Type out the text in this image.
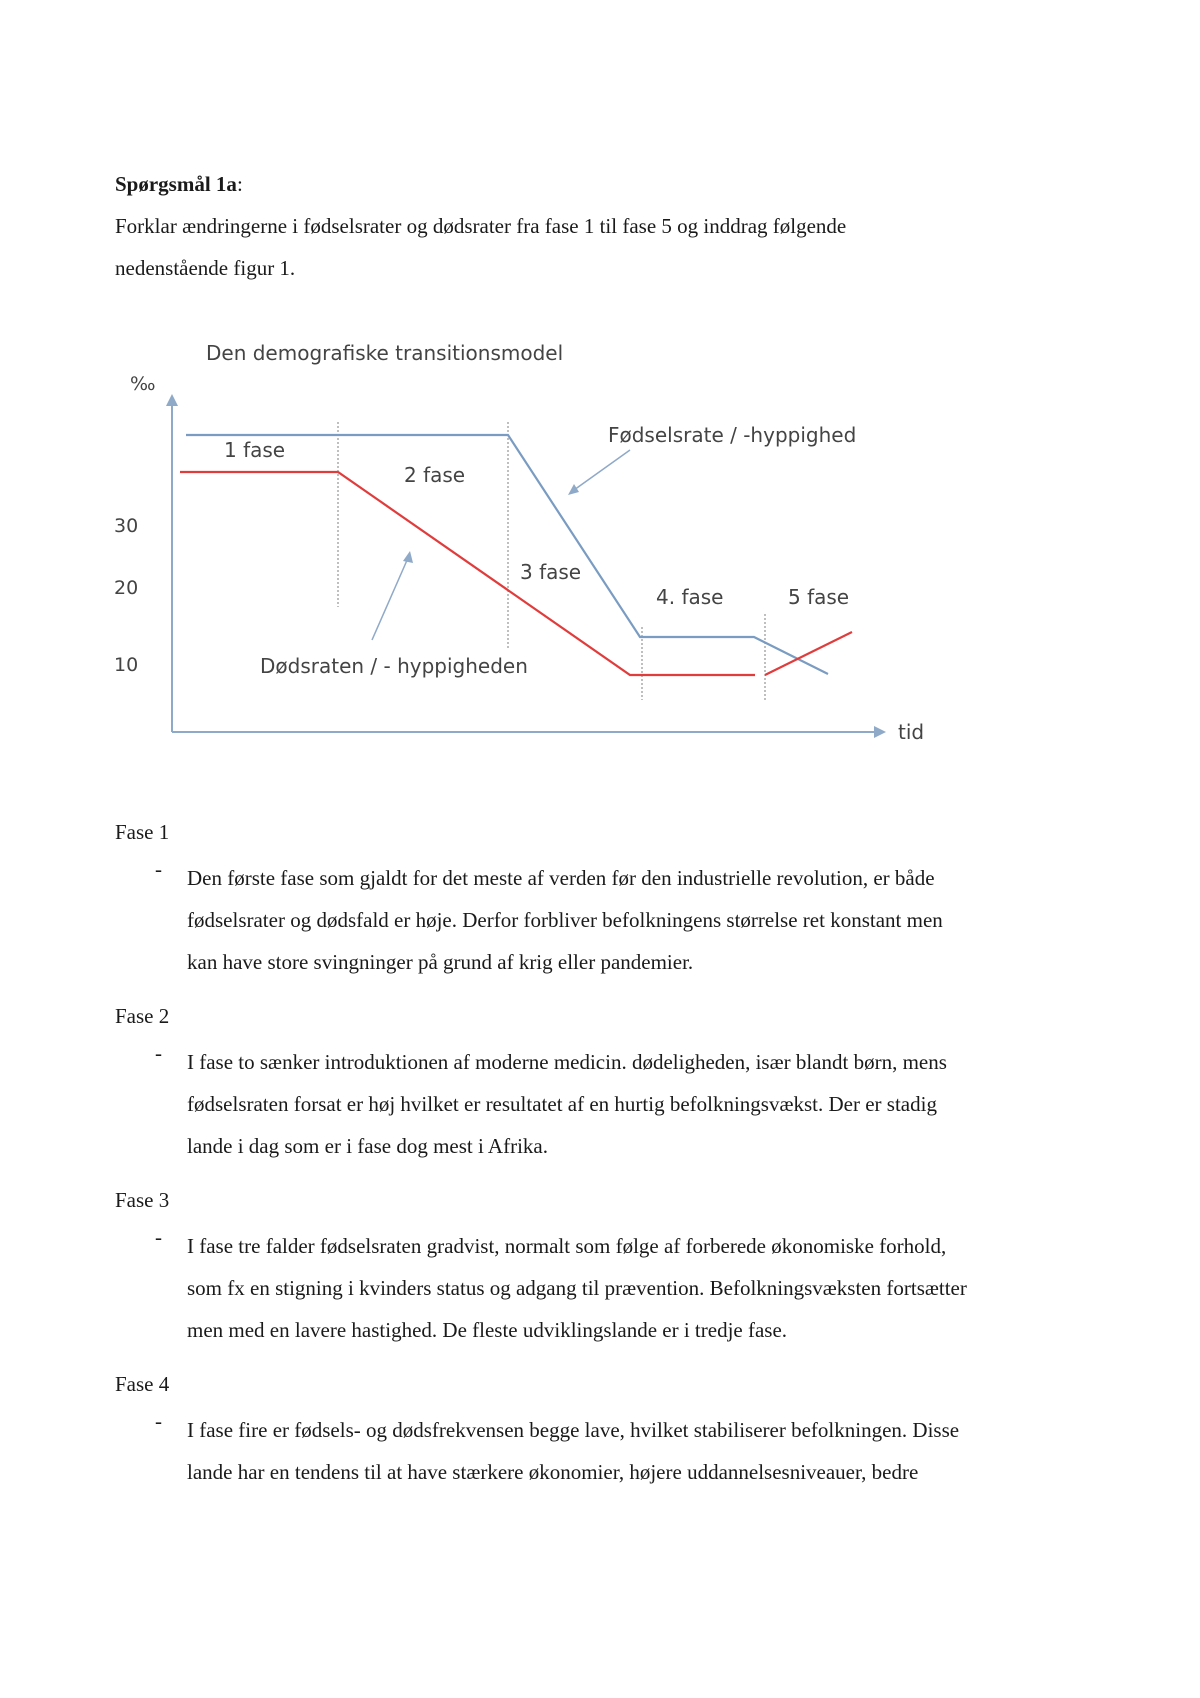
Spørgsmål 1a:
Forklar ændringerne i fødselsrater og dødsrater fra fase 1 til fase 5 og inddrag følgende
nedenstående figur 1.
Den demografiske transitionsmodel
‰
tid
30
20
10
1 fase
2 fase
3 fase
4. fase	5 fase
Fødselsrate / -hyppighed
Dødsraten / - hyppigheden

Fase 1

- Den første fase som gjaldt for det meste af verden før den industrielle revolution, er både

fødselsrater og dødsfald er høje. Derfor forbliver befolkningens størrelse ret konstant men

kan have store svingninger på grund af krig eller pandemier.

Fase 2

- I fase to sænker introduktionen af moderne medicin. dødeligheden, især blandt børn, mens

fødselsraten forsat er høj hvilket er resultatet af en hurtig befolkningsvækst. Der er stadig

lande i dag som er i fase dog mest i Afrika.

Fase 3

- I fase tre falder fødselsraten gradvist, normalt som følge af forberede økonomiske forhold,

som fx en stigning i kvinders status og adgang til prævention. Befolkningsvæksten fortsætter

men med en lavere hastighed. De fleste udviklingslande er i tredje fase.

Fase 4

- I fase fire er fødsels- og dødsfrekvensen begge lave, hvilket stabiliserer befolkningen. Disse

lande har en tendens til at have stærkere økonomier, højere uddannelsesniveauer, bedre
